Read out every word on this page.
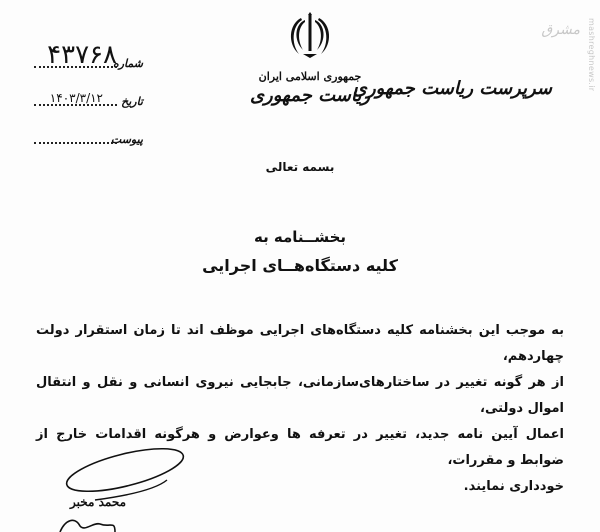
شماره
۴۳۷۶۸
تاریخ
۱۴۰۳/۳/۱۲
پیوست
جمهوری اسلامی ایران
ریاست جمهوری
سرپرست ریاست جمهوری
مشرق mashreghnews.ir
بسمه تعالی
بخشــنامه به
کلیه دستگاه‌هــای اجرایی

به موجب این بخشنامه کلیه دستگاه‌های اجرایی موظف اند تا زمان استقرار دولت چهاردهم،

از هر گونه تغییر در ساختارهای‌سازمانی، جابجایی نیروی انسانی و نقل و انتقال اموال دولتی،

اعمال آیین نامه جدید، تغییر در تعرفه ها وعوارض و هرگونه اقدامات خارج از ضوابط و مقررات،

خودداری نمایند.

محمد مخبر
